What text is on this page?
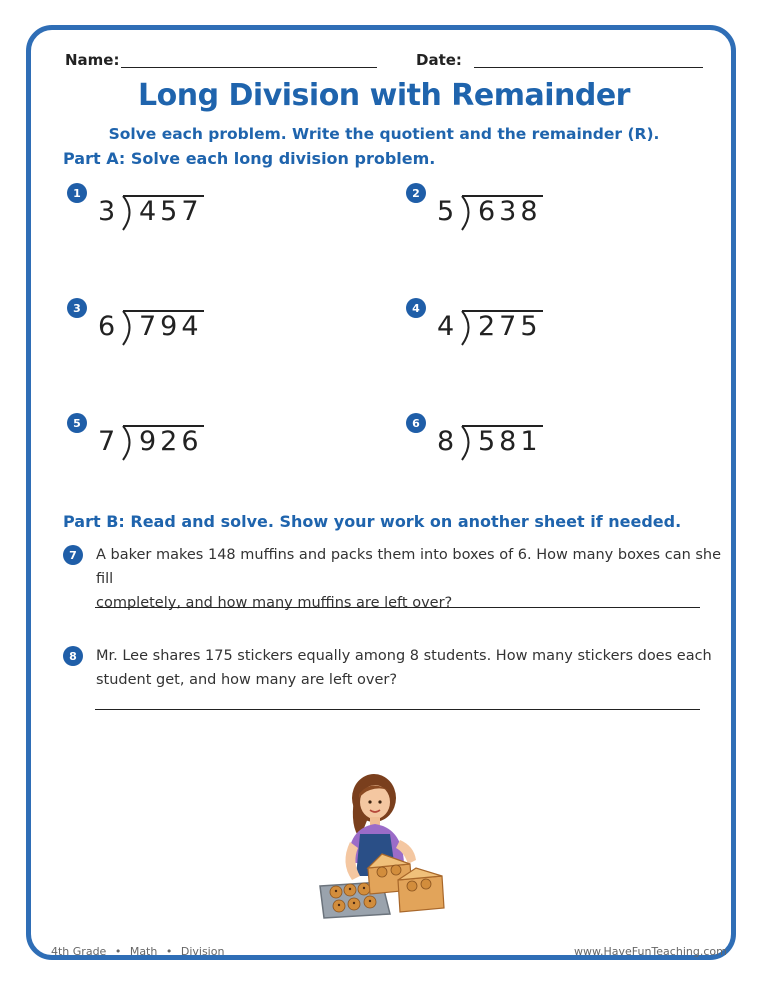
Name:	Date:
Long Division with Remainder
Solve each problem. Write the quotient and the remainder (R).
Part A: Solve each long division problem.
1
3 457
2
5 638
3
6 794
4
4 275
5
7 926
6
8 581
Part B: Read and solve. Show your work on another sheet if needed.
7	A baker makes 148 muffins and packs them into boxes of 6. How many boxes can she fill
completely, and how many muffins are left over?
8	Mr. Lee shares 175 stickers equally among 8 students. How many stickers does each
student get, and how many are left over?
4th Grade • Math • Division	www.HaveFunTeaching.com
